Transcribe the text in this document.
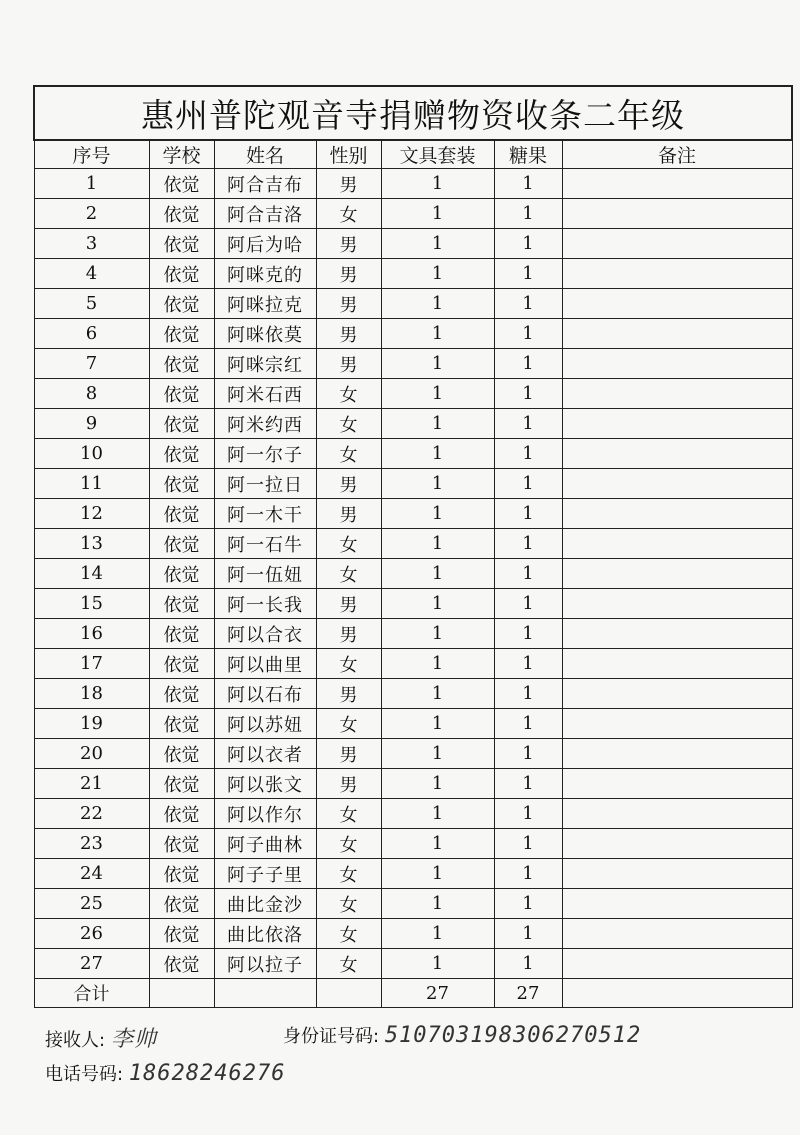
惠州普陀观音寺捐赠物资收条二年级						
序号	学校	姓名	性别	文具套装	糖果	备注
1	依觉	阿合吉布	男	1	1	
2	依觉	阿合吉洛	女	1	1	
3	依觉	阿后为哈	男	1	1	
4	依觉	阿咪克的	男	1	1	
5	依觉	阿咪拉克	男	1	1	
6	依觉	阿咪依莫	男	1	1	
7	依觉	阿咪宗红	男	1	1	
8	依觉	阿米石西	女	1	1	
9	依觉	阿米约西	女	1	1	
10	依觉	阿一尔子	女	1	1	
11	依觉	阿一拉日	男	1	1	
12	依觉	阿一木干	男	1	1	
13	依觉	阿一石牛	女	1	1	
14	依觉	阿一伍妞	女	1	1	
15	依觉	阿一长我	男	1	1	
16	依觉	阿以合衣	男	1	1	
17	依觉	阿以曲里	女	1	1	
18	依觉	阿以石布	男	1	1	
19	依觉	阿以苏妞	女	1	1	
20	依觉	阿以衣者	男	1	1	
21	依觉	阿以张文	男	1	1	
22	依觉	阿以作尔	女	1	1	
23	依觉	阿子曲林	女	1	1	
24	依觉	阿子子里	女	1	1	
25	依觉	曲比金沙	女	1	1	
26	依觉	曲比依洛	女	1	1	
27	依觉	阿以拉子	女	1	1	
合计				27	27	
接收人: 李帅	身份证号码: 510703198306270512
电话号码: 18628246276
